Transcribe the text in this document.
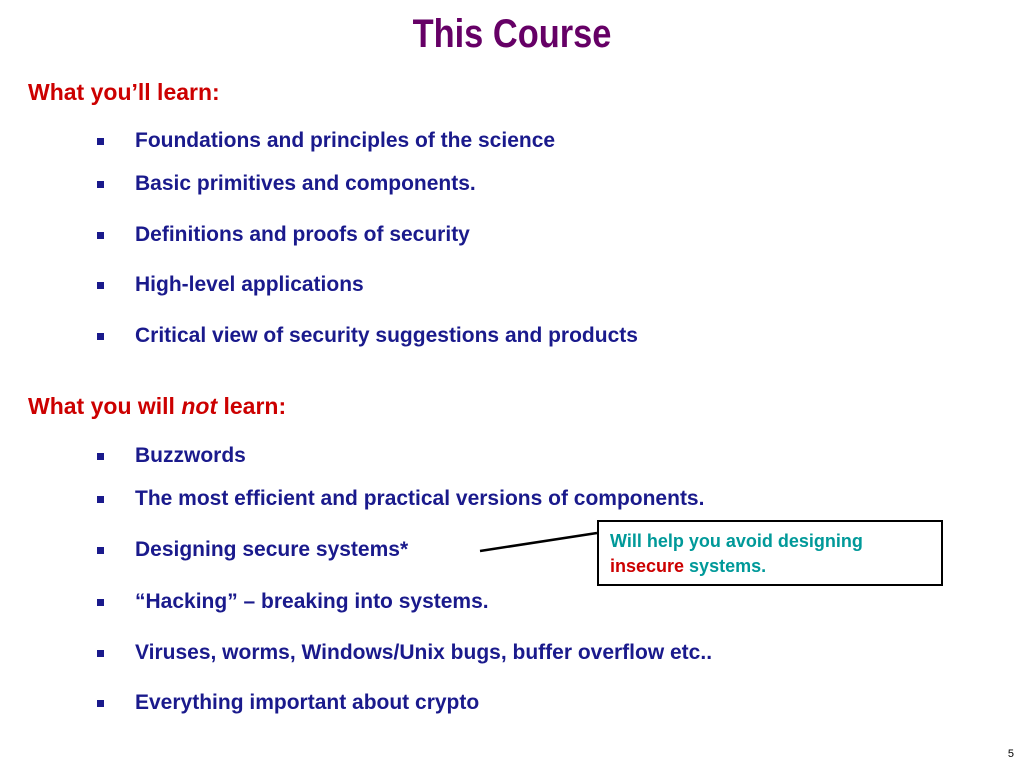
This Course
What you’ll learn:
Foundations and principles of the science
Basic primitives and components.
Definitions and proofs of security
High-level applications
Critical view of security suggestions and products
What you will not learn:
Buzzwords
The most efficient and practical versions of components.
Designing secure systems*
“Hacking” – breaking into systems.
Viruses, worms, Windows/Unix bugs, buffer overflow etc..
Everything important about crypto
Will help you avoid designing
insecure systems.
5
